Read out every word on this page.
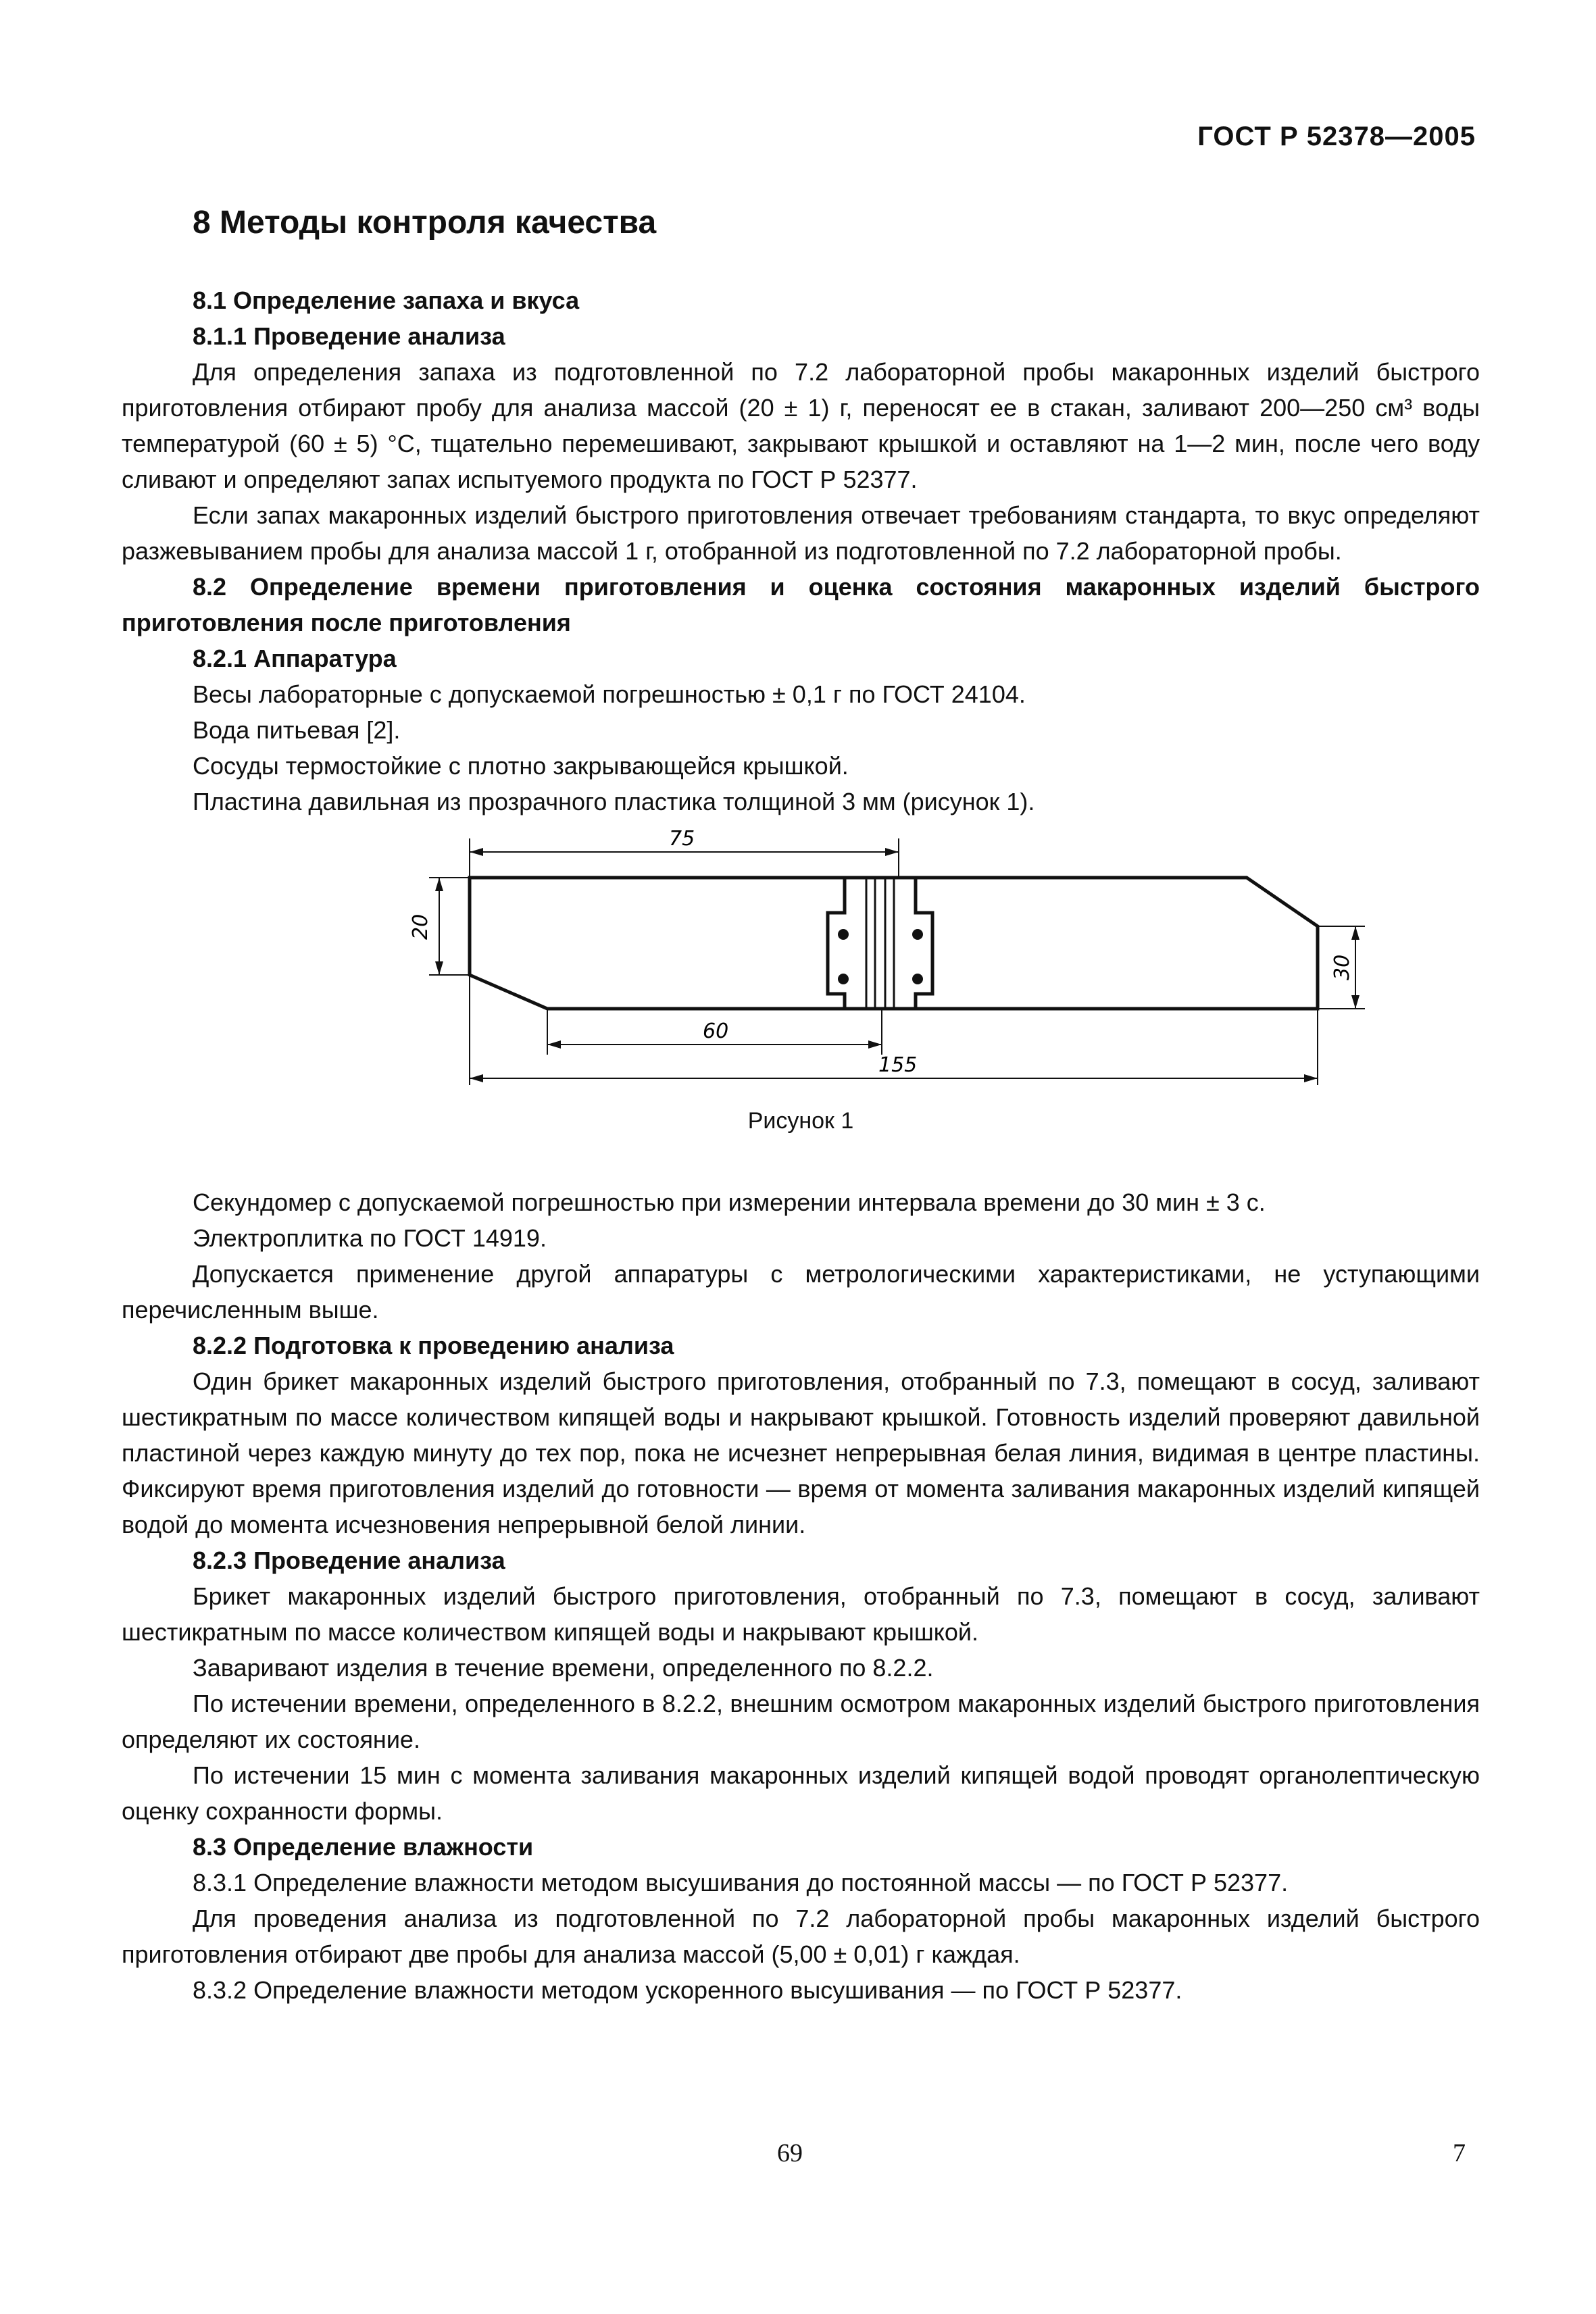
ГОСТ Р 52378—2005
8 Методы контроля качества

8.1 Определение запаха и вкуса

8.1.1 Проведение анализа

Для определения запаха из подготовленной по 7.2 лабораторной пробы макаронных изделий быстрого приготовления отбирают пробу для анализа массой (20 ± 1) г, переносят ее в стакан, заливают 200—250 см³ воды температурой (60 ± 5) °С, тщательно перемешивают, закрывают крышкой и оставляют на 1—2 мин, после чего воду сливают и определяют запах испытуемого продукта по ГОСТ Р 52377.

Если запах макаронных изделий быстрого приготовления отвечает требованиям стандарта, то вкус определяют разжевыванием пробы для анализа массой 1 г, отобранной из подготовленной по 7.2 лабораторной пробы.

8.2 Определение времени приготовления и оценка состояния макаронных изделий быстрого приготовления после приготовления

8.2.1 Аппаратура

Весы лабораторные с допускаемой погрешностью ± 0,1 г по ГОСТ 24104.

Вода питьевая [2].

Сосуды термостойкие с плотно закрывающейся крышкой.

Пластина давильная из прозрачного пластика толщиной 3 мм (рисунок 1).

75
20
30
60
155
Рисунок 1

Секундомер с допускаемой погрешностью при измерении интервала времени до 30 мин ± 3 с.

Электроплитка по ГОСТ 14919.

Допускается применение другой аппаратуры с метрологическими характеристиками, не уступающими перечисленным выше.

8.2.2 Подготовка к проведению анализа

Один брикет макаронных изделий быстрого приготовления, отобранный по 7.3, помещают в сосуд, заливают шестикратным по массе количеством кипящей воды и накрывают крышкой. Готовность изделий проверяют давильной пластиной через каждую минуту до тех пор, пока не исчезнет непрерывная белая линия, видимая в центре пластины. Фиксируют время приготовления изделий до готовности — время от момента заливания макаронных изделий кипящей водой до момента исчезновения непрерывной белой линии.

8.2.3 Проведение анализа

Брикет макаронных изделий быстрого приготовления, отобранный по 7.3, помещают в сосуд, заливают шестикратным по массе количеством кипящей воды и накрывают крышкой.

Заваривают изделия в течение времени, определенного по 8.2.2.

По истечении времени, определенного в 8.2.2, внешним осмотром макаронных изделий быстрого приготовления определяют их состояние.

По истечении 15 мин с момента заливания макаронных изделий кипящей водой проводят органолептическую оценку сохранности формы.

8.3 Определение влажности

8.3.1 Определение влажности методом высушивания до постоянной массы — по ГОСТ Р 52377.

Для проведения анализа из подготовленной по 7.2 лабораторной пробы макаронных изделий быстрого приготовления отбирают две пробы для анализа массой (5,00 ± 0,01) г каждая.

8.3.2 Определение влажности методом ускоренного высушивания — по ГОСТ Р 52377.

69	7
